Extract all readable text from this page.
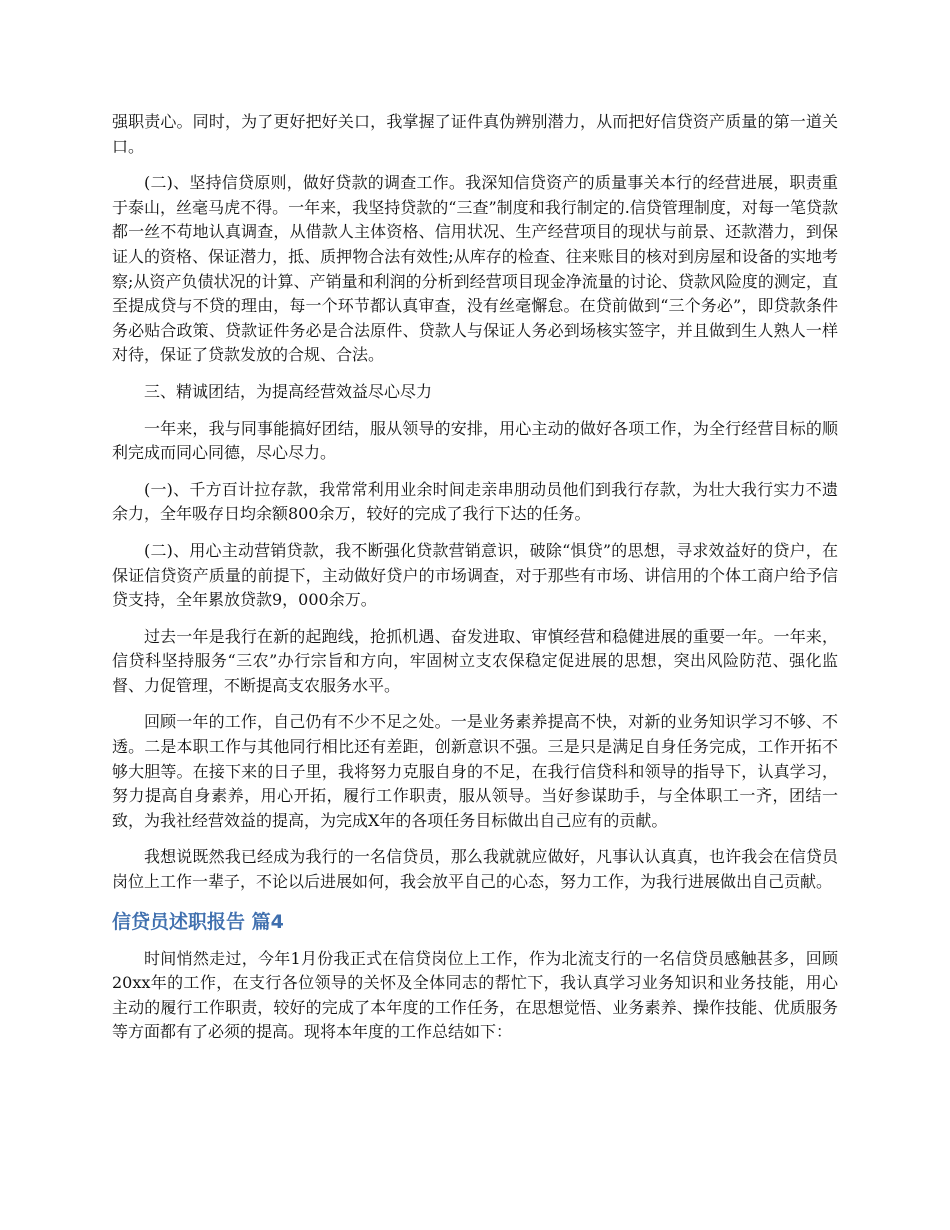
强职责心。同时，为了更好把好关口，我掌握了证件真伪辨别潜力，从而把好信贷资产质量的第一道关口。

(二)、坚持信贷原则，做好贷款的调查工作。我深知信贷资产的质量事关本行的经营进展，职责重于泰山，丝毫马虎不得。一年来，我坚持贷款的“三查”制度和我行制定的.信贷管理制度，对每一笔贷款都一丝不苟地认真调查，从借款人主体资格、信用状况、生产经营项目的现状与前景、还款潜力，到保证人的资格、保证潜力，抵、质押物合法有效性;从库存的检查、往来账目的核对到房屋和设备的实地考察;从资产负债状况的计算、产销量和利润的分析到经营项目现金净流量的讨论、贷款风险度的测定，直至提成贷与不贷的理由，每一个环节都认真审查，没有丝毫懈怠。在贷前做到“三个务必”，即贷款条件务必贴合政策、贷款证件务必是合法原件、贷款人与保证人务必到场核实签字，并且做到生人熟人一样对待，保证了贷款发放的合规、合法。

三、精诚团结，为提高经营效益尽心尽力

一年来，我与同事能搞好团结，服从领导的安排，用心主动的做好各项工作，为全行经营目标的顺利完成而同心同德，尽心尽力。

(一)、千方百计拉存款，我常常利用业余时间走亲串朋动员他们到我行存款，为壮大我行实力不遗余力，全年吸存日均余额800余万，较好的完成了我行下达的任务。

(二)、用心主动营销贷款，我不断强化贷款营销意识，破除“惧贷”的思想，寻求效益好的贷户，在保证信贷资产质量的前提下，主动做好贷户的市场调查，对于那些有市场、讲信用的个体工商户给予信贷支持，全年累放贷款9，000余万。

过去一年是我行在新的起跑线，抢抓机遇、奋发进取、审慎经营和稳健进展的重要一年。一年来，信贷科坚持服务“三农”办行宗旨和方向，牢固树立支农保稳定促进展的思想，突出风险防范、强化监督、力促管理，不断提高支农服务水平。

回顾一年的工作，自己仍有不少不足之处。一是业务素养提高不快，对新的业务知识学习不够、不透。二是本职工作与其他同行相比还有差距，创新意识不强。三是只是满足自身任务完成，工作开拓不够大胆等。在接下来的日子里，我将努力克服自身的不足，在我行信贷科和领导的指导下，认真学习，努力提高自身素养，用心开拓，履行工作职责，服从领导。当好参谋助手，与全体职工一齐，团结一致，为我社经营效益的提高，为完成X年的各项任务目标做出自己应有的贡献。

我想说既然我已经成为我行的一名信贷员，那么我就就应做好，凡事认认真真，也许我会在信贷员岗位上工作一辈子，不论以后进展如何，我会放平自己的心态，努力工作，为我行进展做出自己贡献。

信贷员述职报告 篇4

时间悄然走过，今年1月份我正式在信贷岗位上工作，作为北流支行的一名信贷员感触甚多，回顾20xx年的工作，在支行各位领导的关怀及全体同志的帮忙下，我认真学习业务知识和业务技能，用心主动的履行工作职责，较好的完成了本年度的工作任务，在思想觉悟、业务素养、操作技能、优质服务等方面都有了必须的提高。现将本年度的工作总结如下：
